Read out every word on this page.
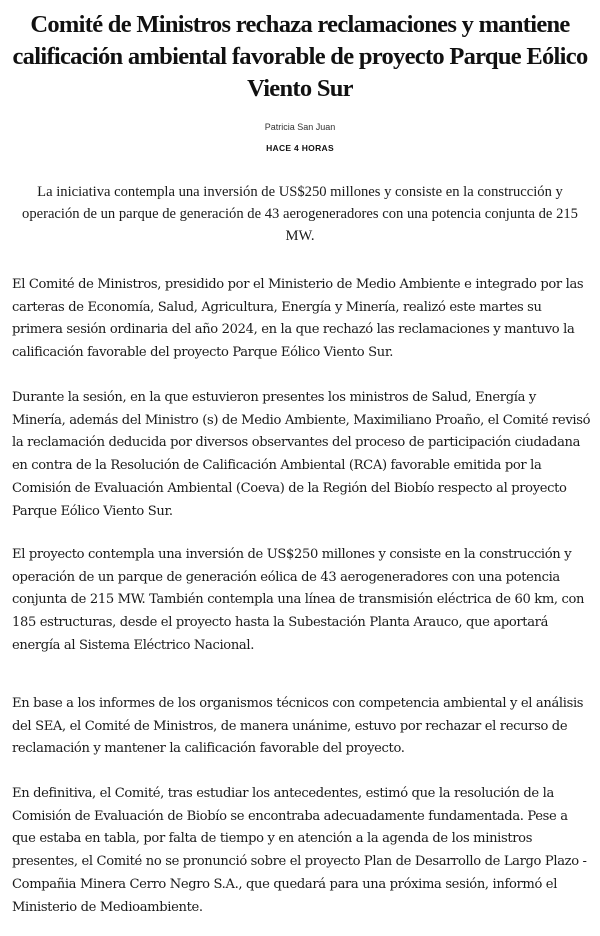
Comité de Ministros rechaza reclamaciones y mantiene calificación ambiental favorable de proyecto Parque Eólico Viento Sur
Patricia San Juan
HACE 4 HORAS

La iniciativa contempla una inversión de US$250 millones y consiste en la construcción y operación de un parque de generación de 43 aerogeneradores con una potencia conjunta de 215 MW.

El Comité de Ministros, presidido por el Ministerio de Medio Ambiente e integrado por las carteras de Economía, Salud, Agricultura, Energía y Minería, realizó este martes su primera sesión ordinaria del año 2024, en la que rechazó las reclamaciones y mantuvo la calificación favorable del proyecto Parque Eólico Viento Sur.

Durante la sesión, en la que estuvieron presentes los ministros de Salud, Energía y Minería, además del Ministro (s) de Medio Ambiente, Maximiliano Proaño, el Comité revisó la reclamación deducida por diversos observantes del proceso de participación ciudadana en contra de la Resolución de Calificación Ambiental (RCA) favorable emitida por la Comisión de Evaluación Ambiental (Coeva) de la Región del Biobío respecto al proyecto Parque Eólico Viento Sur.

El proyecto contempla una inversión de US$250 millones y consiste en la construcción y operación de un parque de generación eólica de 43 aerogeneradores con una potencia conjunta de 215 MW. También contempla una línea de transmisión eléctrica de 60 km, con 185 estructuras, desde el proyecto hasta la Subestación Planta Arauco, que aportará energía al Sistema Eléctrico Nacional.

En base a los informes de los organismos técnicos con competencia ambiental y el análisis del SEA, el Comité de Ministros, de manera unánime, estuvo por rechazar el recurso de reclamación y mantener la calificación favorable del proyecto.

En definitiva, el Comité, tras estudiar los antecedentes, estimó que la resolución de la Comisión de Evaluación de Biobío se encontraba adecuadamente fundamentada. Pese a que estaba en tabla, por falta de tiempo y en atención a la agenda de los ministros presentes, el Comité no se pronunció sobre el proyecto Plan de Desarrollo de Largo Plazo - Compañia Minera Cerro Negro S.A., que quedará para una próxima sesión, informó el Ministerio de Medioambiente.
